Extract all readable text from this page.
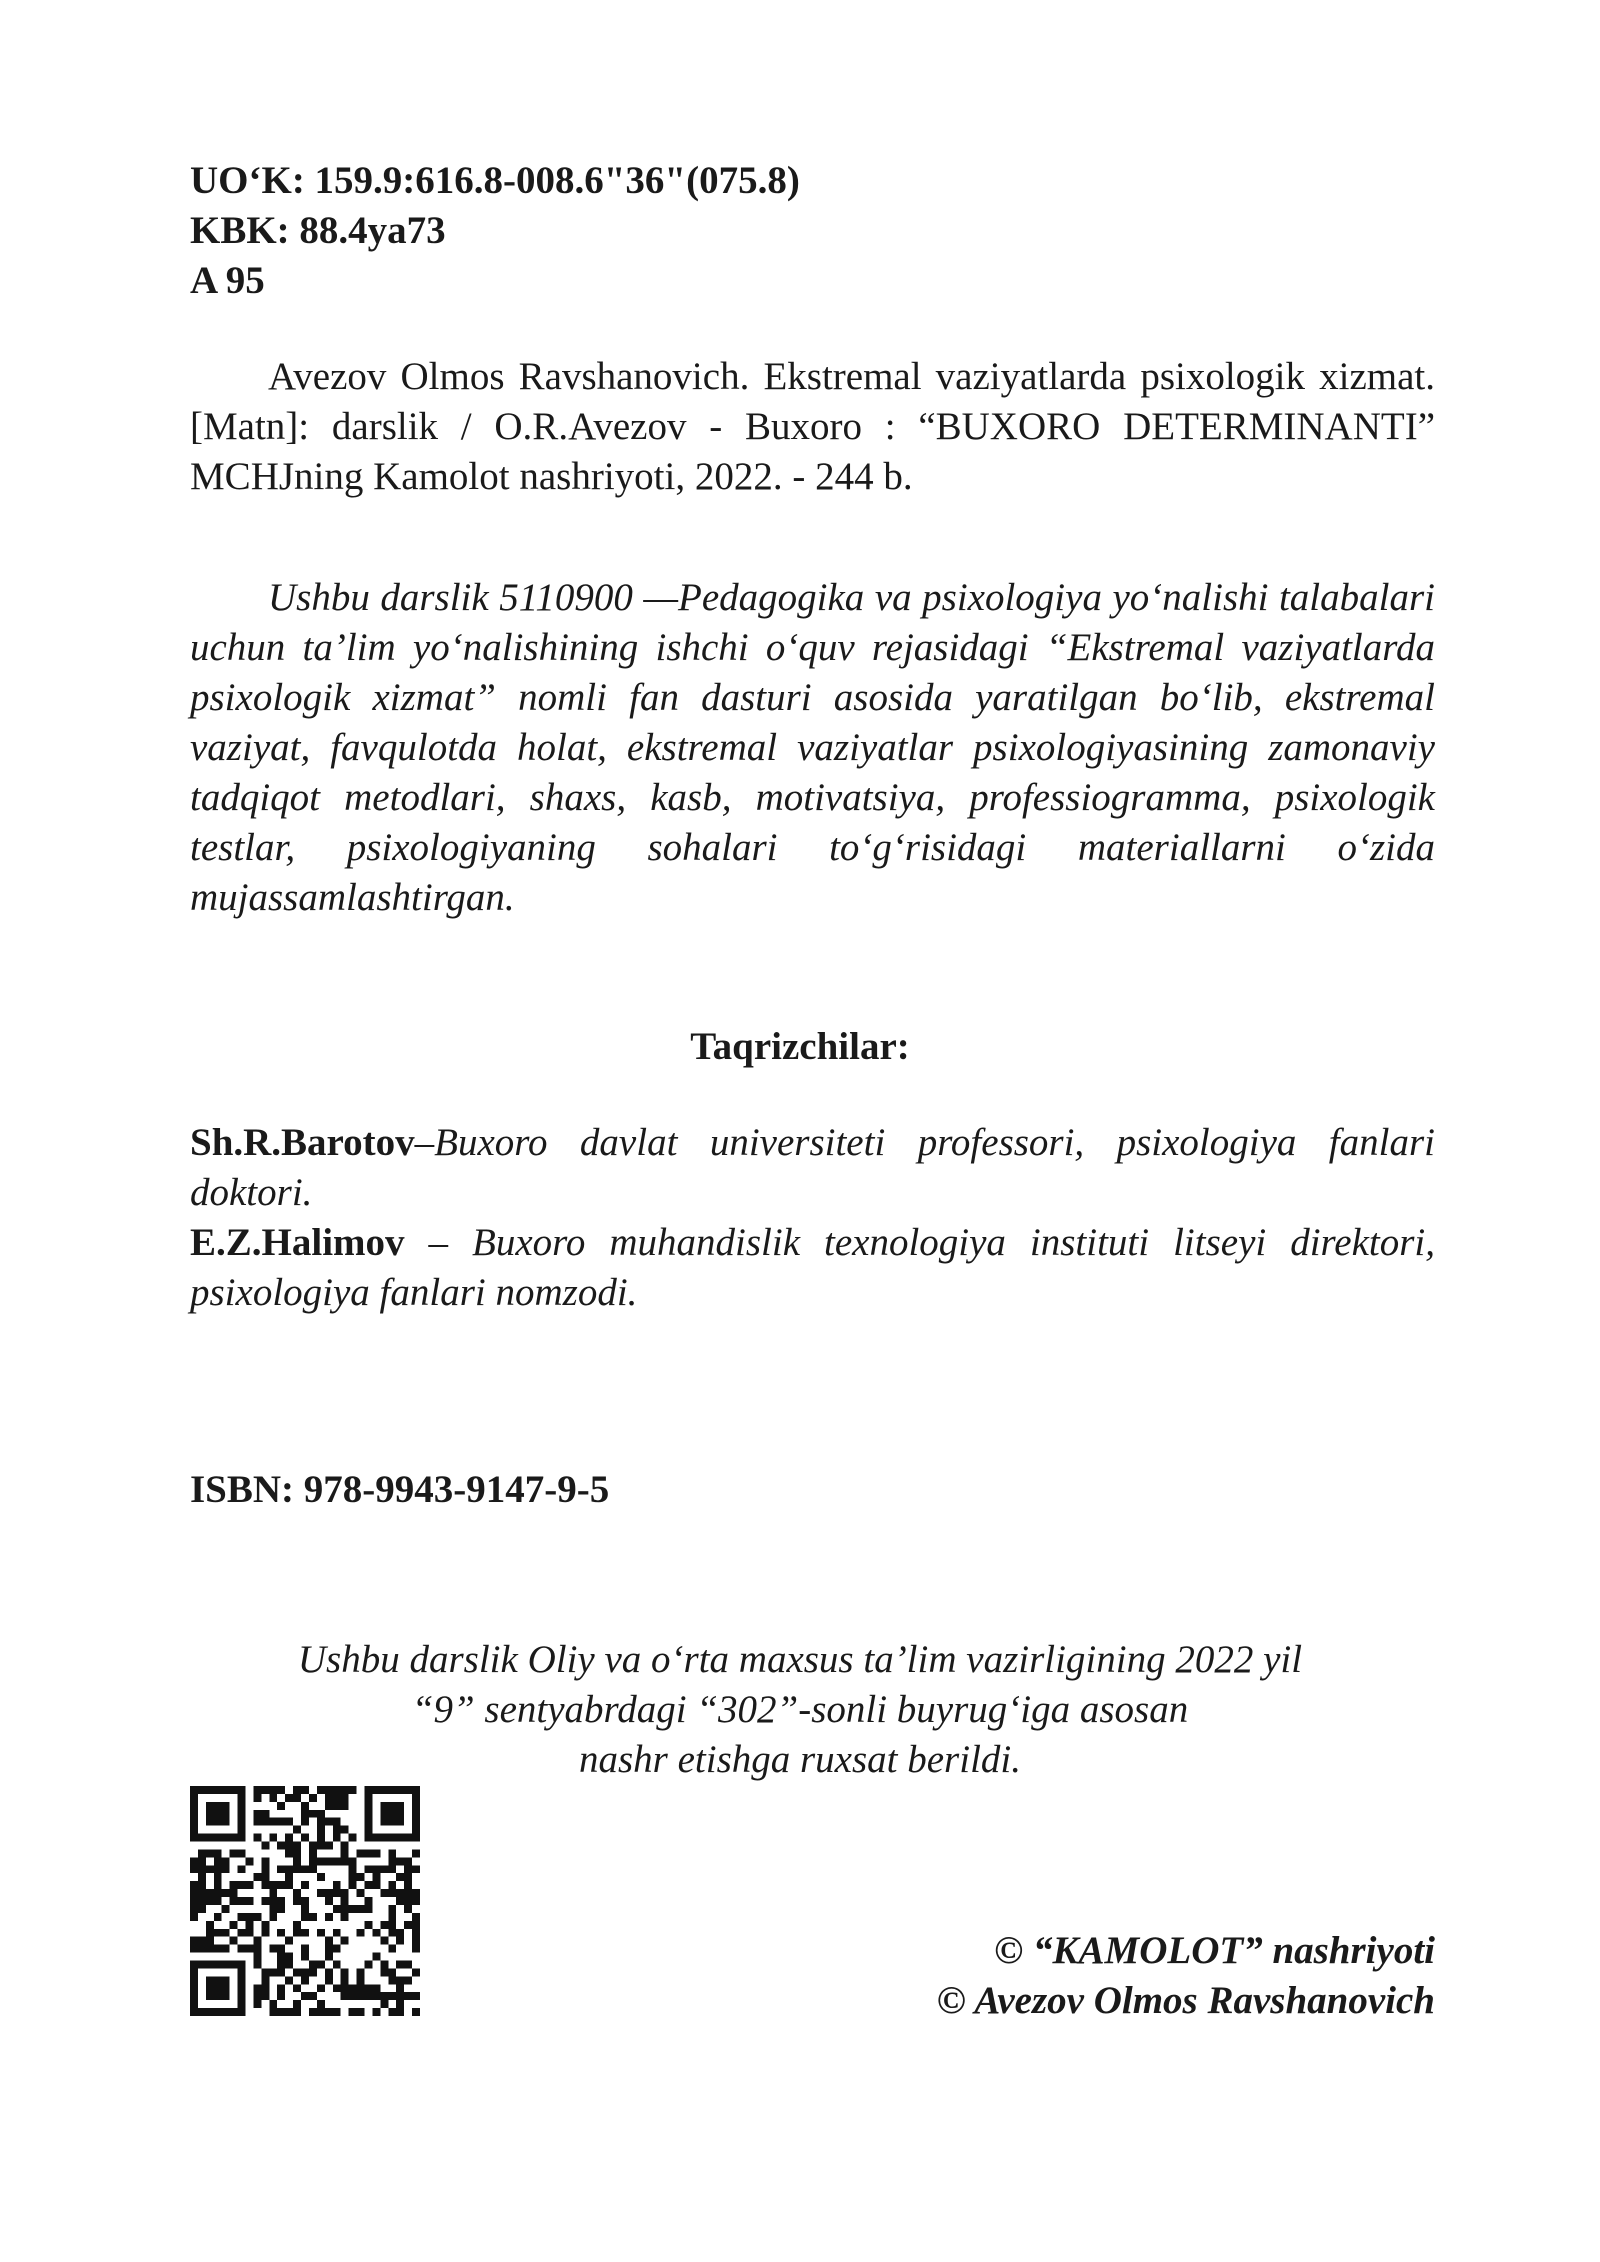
UO‘K: 159.9:616.8-008.6"36"(075.8)
KBK: 88.4ya73
A 95
Avezov Olmos Ravshanovich. Ekstremal vaziyatlarda psixologik xizmat. [Matn]: darslik / O.R.Avezov - Buxoro : “BUXORO DETERMINANTI” MCHJning Kamolot nashriyoti, 2022. - 244 b.
Ushbu darslik 5110900 —Pedagogika va psixologiya yo‘nalishi talabalari uchun ta’lim yo‘nalishining ishchi o‘quv rejasidagi “Ekstremal vaziyatlarda psixologik xizmat” nomli fan dasturi asosida yaratilgan bo‘lib, ekstremal vaziyat, favqulotda holat, ekstremal vaziyatlar psixologiyasining zamonaviy tadqiqot metodlari, shaxs, kasb, motivatsiya, professiogramma, psixologik testlar, psixologiyaning sohalari to‘g‘risidagi materiallarni o‘zida mujassamlashtirgan.
Taqrizchilar:

Sh.R.Barotov–Buxoro davlat universiteti professori, psixologiya fanlari doktori.

E.Z.Halimov – Buxoro muhandislik texnologiya instituti litseyi direktori, psixologiya fanlari nomzodi.

ISBN: 978-9943-9147-9-5
Ushbu darslik Oliy va o‘rta maxsus ta’lim vazirligining 2022 yil
“9” sentyabrdagi “302”-sonli buyrug‘iga asosan
nashr etishga ruxsat berildi.
© “KAMOLOT” nashriyoti
© Avezov Olmos Ravshanovich
